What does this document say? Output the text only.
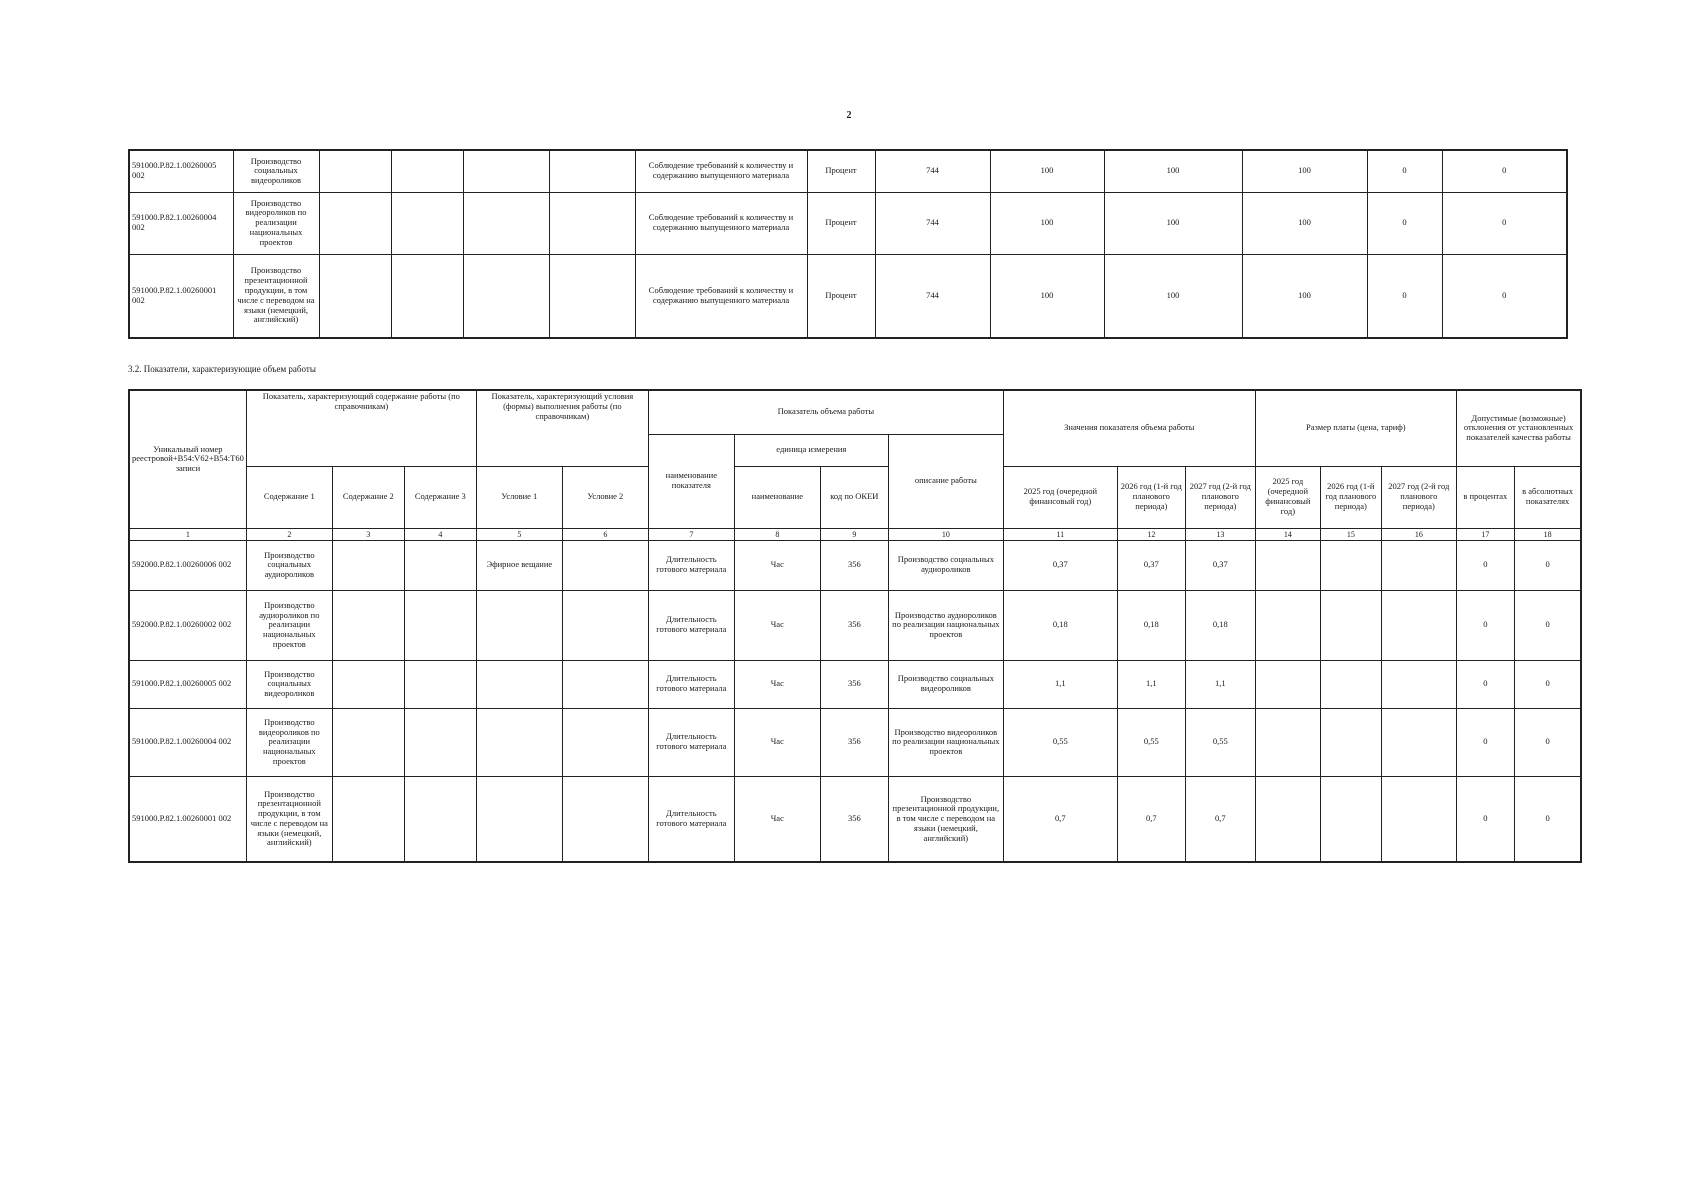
2
591000.Р.82.1.00260005 002	Производство социальных видеороликов					Соблюдение требований к количеству и содержанию выпущенного материала	Процент	744	100	100	100	0	0
591000.Р.82.1.00260004 002	Производство видеороликов по реализации национальных проектов					Соблюдение требований к количеству и содержанию выпущенного материала	Процент	744	100	100	100	0	0
591000.Р.82.1.00260001 002	Производство презентационной продукции, в том числе с переводом на языки (немецкий, английский)					Соблюдение требований к количеству и содержанию выпущенного материала	Процент	744	100	100	100	0	0
3.2. Показатели, характеризующие объем работы
Уникальный номер реестровой+В54:V62+В54:Т60 записи	Показатель, характеризующий содержание работы (по справочникам)			Показатель, характеризующий условия (формы) выполнения работы (по справочникам)		Показатель объема работы				Значения показателя объема работы			Размер платы (цена, тариф)			Допустимые (возможные) отклонения от установленных показателей качества работы	
						наименование показателя	единица измерения		описание работы								
	Содержание 1	Содержание 2	Содержание 3	Условие 1	Условие 2		наименование	код по ОКЕИ		2025 год (очередной финансовый год)	2026 год (1-й год планового периода)	2027 год (2-й год планового периода)	2025 год (очередной финансовый год)	2026 год (1-й год планового периода)	2027 год (2-й год планового периода)	в процентах	в абсолютных показателях
1	2	3	4	5	6	7	8	9	10	11	12	13	14	15	16	17	18
592000.Р.82.1.00260006 002	Производство социальных аудиороликов			Эфирное вещание		Длительность готового материала	Час	356	Производство социальных аудиороликов	0,37	0,37	0,37				0	0
592000.Р.82.1.00260002 002	Производство аудиороликов по реализации национальных проектов					Длительность готового материала	Час	356	Производство аудиороликов по реализации национальных проектов	0,18	0,18	0,18				0	0
591000.Р.82.1.00260005 002	Производство социальных видеороликов					Длительность готового материала	Час	356	Производство социальных видеороликов	1,1	1,1	1,1				0	0
591000.Р.82.1.00260004 002	Производство видеороликов по реализации национальных проектов					Длительность готового материала	Час	356	Производство видеороликов по реализации национальных проектов	0,55	0,55	0,55				0	0
591000.Р.82.1.00260001 002	Производство презентационной продукции, в том числе с переводом на языки (немецкий, английский)					Длительность готового материала	Час	356	Производство презентационной продукции, в том числе с переводом на языки (немецкий, английский)	0,7	0,7	0,7				0	0
